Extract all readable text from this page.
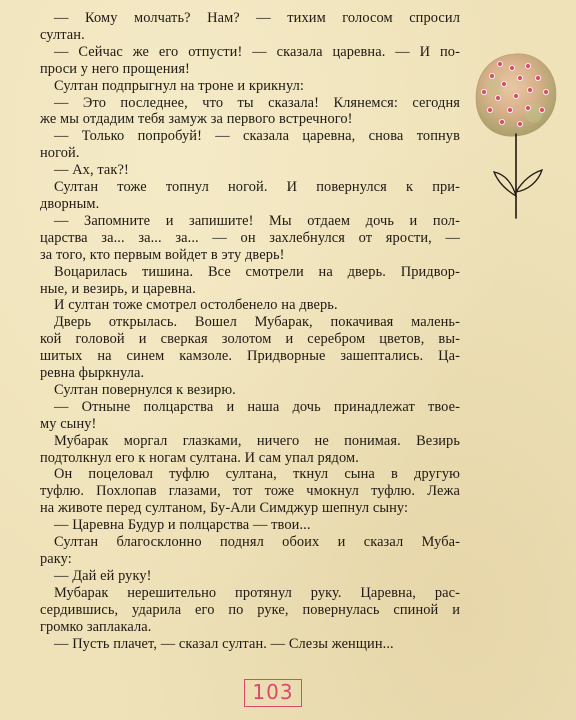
— Кому молчать? Нам? — тихим голосом спросил
султан.

— Сейчас же его отпусти! — сказала царевна. — И по-
проси у него прощения!

Султан подпрыгнул на троне и крикнул:

— Это последнее, что ты сказала! Клянемся: сегодня
же мы отдадим тебя замуж за первого встречного!

— Только попробуй! — сказала царевна, снова топнув
ногой.

— Ах, так?!

Султан тоже топнул ногой. И повернулся к при-
дворным.

— Запомните и запишите! Мы отдаем дочь и пол-
царства за... за... за... — он захлебнулся от ярости, —
за того, кто первым войдет в эту дверь!

Воцарилась тишина. Все смотрели на дверь. Придвор-
ные, и везирь, и царевна.

И султан тоже смотрел остолбенело на дверь.

Дверь открылась. Вошел Мубарак, покачивая малень-
кой головой и сверкая золотом и серебром цветов, вы-
шитых на синем камзоле. Придворные зашептались. Ца-
ревна фыркнула.

Султан повернулся к везирю.

— Отныне полцарства и наша дочь принадлежат твое-
му сыну!

Мубарак моргал глазками, ничего не понимая. Везирь
подтолкнул его к ногам султана. И сам упал рядом.

Он поцеловал туфлю султана, ткнул сына в другую
туфлю. Похлопав глазами, тот тоже чмокнул туфлю. Лежа
на животе перед султаном, Бу-Али Симджур шепнул сыну:

— Царевна Будур и полцарства — твои...

Султан благосклонно поднял обоих и сказал Муба-
раку:

— Дай ей руку!

Мубарак нерешительно протянул руку. Царевна, рас-
сердившись, ударила его по руке, повернулась спиной и
громко заплакала.

— Пусть плачет, — сказал султан. — Слезы женщин...

103
